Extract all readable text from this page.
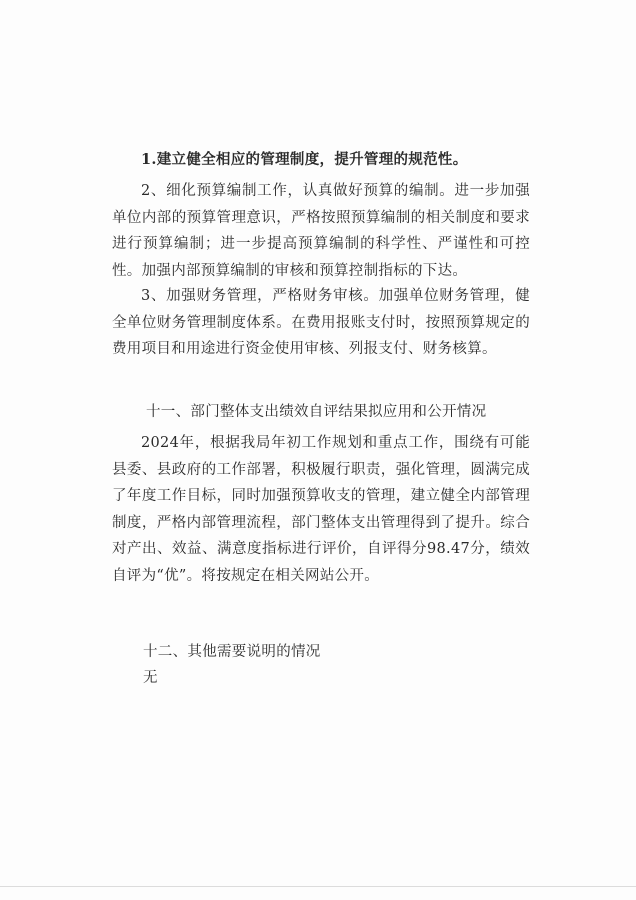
1.建立健全相应的管理制度，提升管理的规范性。

2、细化预算编制工作，认真做好预算的编制。进一步加强单位内部的预算管理意识，严格按照预算编制的相关制度和要求进行预算编制；进一步提高预算编制的科学性、严谨性和可控性。加强内部预算编制的审核和预算控制指标的下达。

3、加强财务管理，严格财务审核。加强单位财务管理，健全单位财务管理制度体系。在费用报账支付时，按照预算规定的费用项目和用途进行资金使用审核、列报支付、财务核算。

十一、部门整体支出绩效自评结果拟应用和公开情况

2024年，根据我局年初工作规划和重点工作，围绕有可能县委、县政府的工作部署，积极履行职责，强化管理，圆满完成了年度工作目标，同时加强预算收支的管理，建立健全内部管理制度，严格内部管理流程，部门整体支出管理得到了提升。综合对产出、效益、满意度指标进行评价，自评得分98.47分，绩效自评为“优”。将按规定在相关网站公开。

十二、其他需要说明的情况

无
